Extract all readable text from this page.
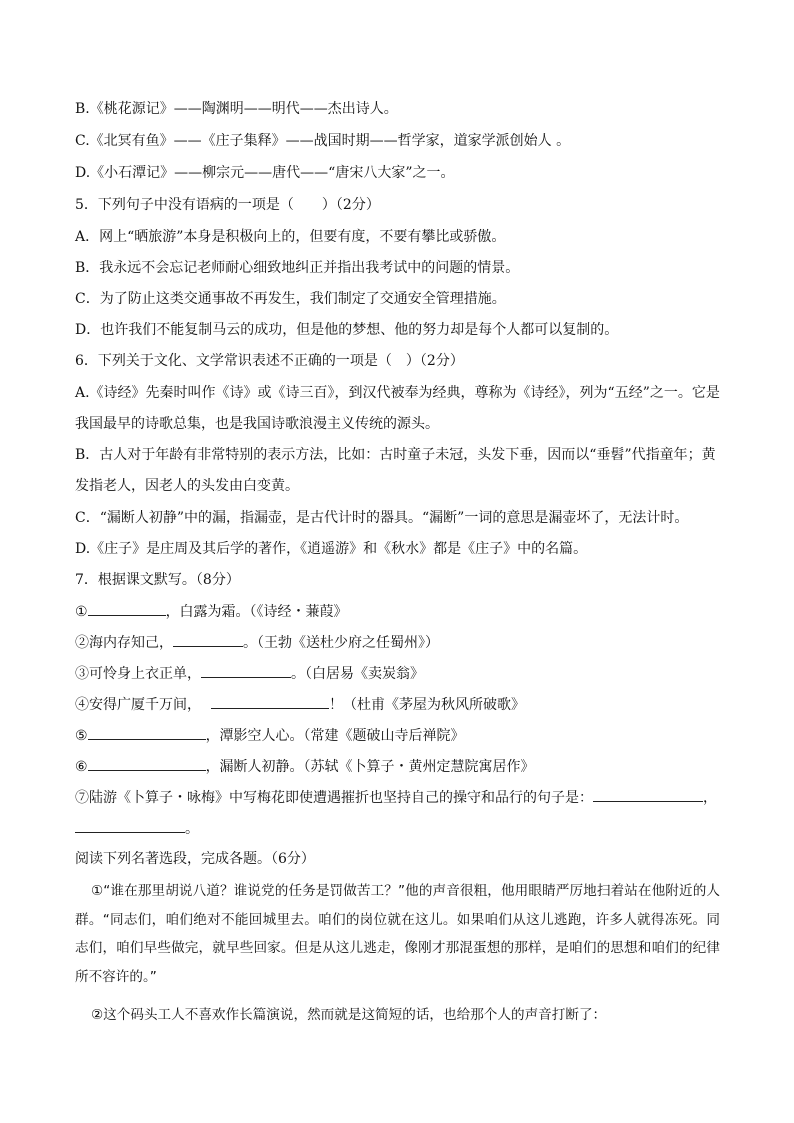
B.《桃花源记》——陶渊明——明代——杰出诗人。
C.《北冥有鱼》——《庄子集释》——战国时期——哲学家，道家学派创始人 。
D.《小石潭记》——柳宗元——唐代——“唐宋八大家”之一。
5．下列句子中没有语病的一项是（　　）（2分）
A．网上“晒旅游”本身是积极向上的，但要有度，不要有攀比或骄傲。
B．我永远不会忘记老师耐心细致地纠正并指出我考试中的问题的情景。
C．为了防止这类交通事故不再发生，我们制定了交通安全管理措施。
D．也许我们不能复制马云的成功，但是他的梦想、他的努力却是每个人都可以复制的。
6．下列关于文化、文学常识表述不正确的一项是（　）（2分）
A.《诗经》先秦时叫作《诗》或《诗三百》，到汉代被奉为经典，尊称为《诗经》，列为“五经”之一。它是我国最早的诗歌总集，也是我国诗歌浪漫主义传统的源头。
B．古人对于年龄有非常特别的表示方法，比如：古时童子未冠，头发下垂，因而以“垂髫”代指童年；黄发指老人，因老人的头发由白变黄。
C．“漏断人初静”中的漏，指漏壶，是古代计时的器具。“漏断”一词的意思是漏壶坏了，无法计时。
D.《庄子》是庄周及其后学的著作，《逍遥游》和《秋水》都是《庄子》中的名篇。
7．根据课文默写。（8分）
①	，白露为霜。（《诗经・蒹葭》
②海内存知己，	。（王勃《送杜少府之任蜀州》）
③可怜身上衣正单，	。（白居易《卖炭翁》
④安得广厦千万间，	！（杜甫《茅屋为秋风所破歌》
⑤	，潭影空人心。（常建《题破山寺后禅院》
⑥	，漏断人初静。（苏轼《卜算子・黄州定慧院寓居作》
⑦陆游《卜算子・咏梅》中写梅花即使遭遇摧折也坚持自己的操守和品行的句子是：	，
。
阅读下列名著选段，完成各题。（6分）
①“谁在那里胡说八道？谁说党的任务是罚做苦工？”他的声音很粗，他用眼睛严厉地扫着站在他附近的人群。“同志们，咱们绝对不能回城里去。咱们的岗位就在这儿。如果咱们从这儿逃跑，许多人就得冻死。同志们，咱们早些做完，就早些回家。但是从这儿逃走，像刚才那混蛋想的那样，是咱们的思想和咱们的纪律所不容许的。”
②这个码头工人不喜欢作长篇演说，然而就是这简短的话，也给那个人的声音打断了：
